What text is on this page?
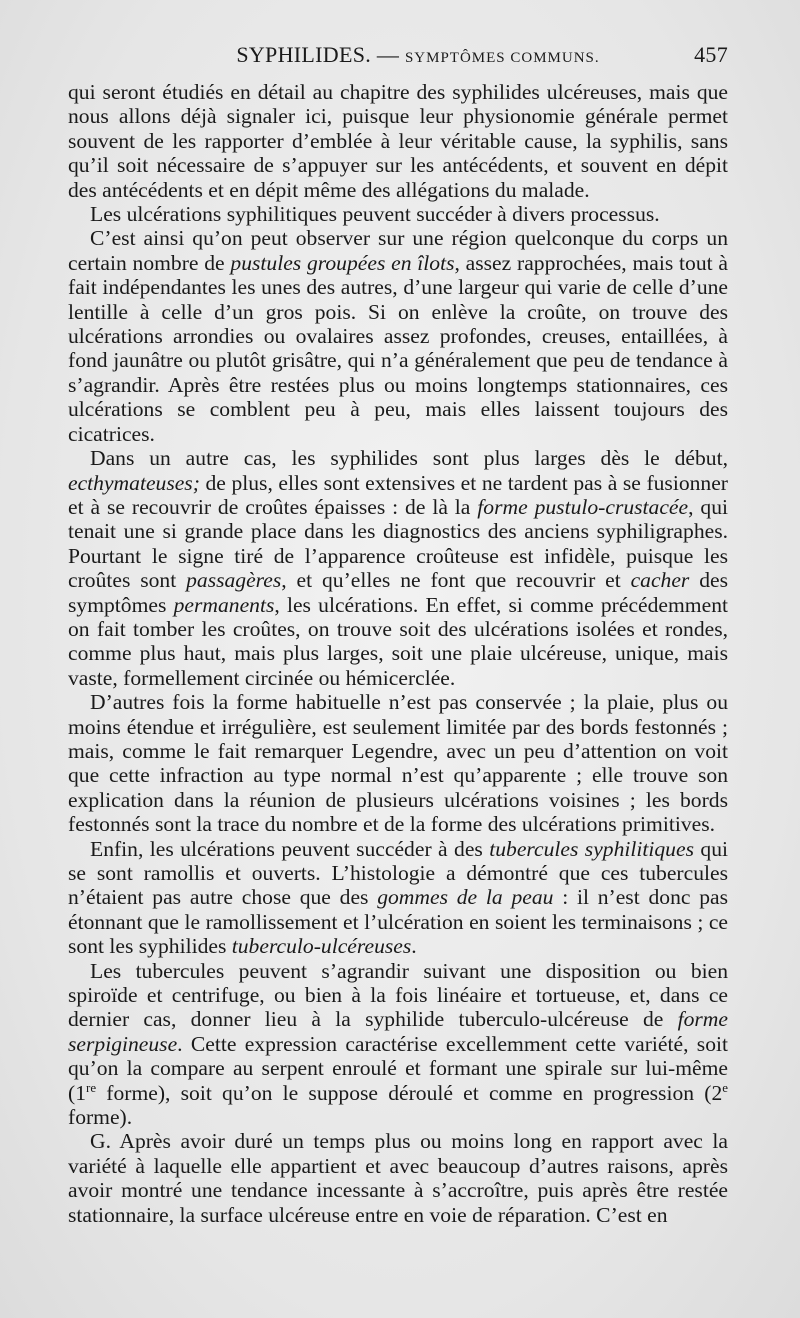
SYPHILIDES. — SYMPTÔMES COMMUNS.	457

qui seront étudiés en détail au chapitre des syphilides ulcéreuses, mais que nous allons déjà signaler ici, puisque leur physionomie générale permet souvent de les rapporter d’emblée à leur véritable cause, la syphilis, sans qu’il soit nécessaire de s’appuyer sur les antécédents, et souvent en dépit des antécédents et en dépit même des allégations du malade.

Les ulcérations syphilitiques peuvent succéder à divers processus.

C’est ainsi qu’on peut observer sur une région quelconque du corps un certain nombre de pustules groupées en îlots, assez rapprochées, mais tout à fait indépendantes les unes des autres, d’une largeur qui varie de celle d’une lentille à celle d’un gros pois. Si on enlève la croûte, on trouve des ulcérations arrondies ou ovalaires assez profondes, creuses, entaillées, à fond jaunâtre ou plutôt grisâtre, qui n’a généralement que peu de tendance à s’agrandir. Après être restées plus ou moins longtemps stationnaires, ces ulcérations se comblent peu à peu, mais elles laissent toujours des cicatrices.

Dans un autre cas, les syphilides sont plus larges dès le début, ecthymateuses; de plus, elles sont extensives et ne tardent pas à se fusionner et à se recouvrir de croûtes épaisses : de là la forme pustulo-crustacée, qui tenait une si grande place dans les diagnostics des anciens syphiligraphes. Pourtant le signe tiré de l’apparence croûteuse est infidèle, puisque les croûtes sont passagères, et qu’elles ne font que recouvrir et cacher des symptômes permanents, les ulcérations. En effet, si comme précédemment on fait tomber les croûtes, on trouve soit des ulcérations isolées et rondes, comme plus haut, mais plus larges, soit une plaie ulcéreuse, unique, mais vaste, formellement circinée ou hémicerclée.

D’autres fois la forme habituelle n’est pas conservée ; la plaie, plus ou moins étendue et irrégulière, est seulement limitée par des bords festonnés ; mais, comme le fait remarquer Legendre, avec un peu d’attention on voit que cette infraction au type normal n’est qu’apparente ; elle trouve son explication dans la réunion de plusieurs ulcérations voisines ; les bords festonnés sont la trace du nombre et de la forme des ulcérations primitives.

Enfin, les ulcérations peuvent succéder à des tubercules syphilitiques qui se sont ramollis et ouverts. L’histologie a démontré que ces tubercules n’étaient pas autre chose que des gommes de la peau : il n’est donc pas étonnant que le ramollissement et l’ulcération en soient les terminaisons ; ce sont les syphilides tuberculo-ulcéreuses.

Les tubercules peuvent s’agrandir suivant une disposition ou bien spiroïde et centrifuge, ou bien à la fois linéaire et tortueuse, et, dans ce dernier cas, donner lieu à la syphilide tuberculo-ulcéreuse de forme serpigineuse. Cette expression caractérise excellemment cette variété, soit qu’on la compare au serpent enroulé et formant une spirale sur lui-même (1re forme), soit qu’on le suppose déroulé et comme en progression (2e forme).

G. Après avoir duré un temps plus ou moins long en rapport avec la variété à laquelle elle appartient et avec beaucoup d’autres raisons, après avoir montré une tendance incessante à s’accroître, puis après être restée stationnaire, la surface ulcéreuse entre en voie de réparation. C’est en
